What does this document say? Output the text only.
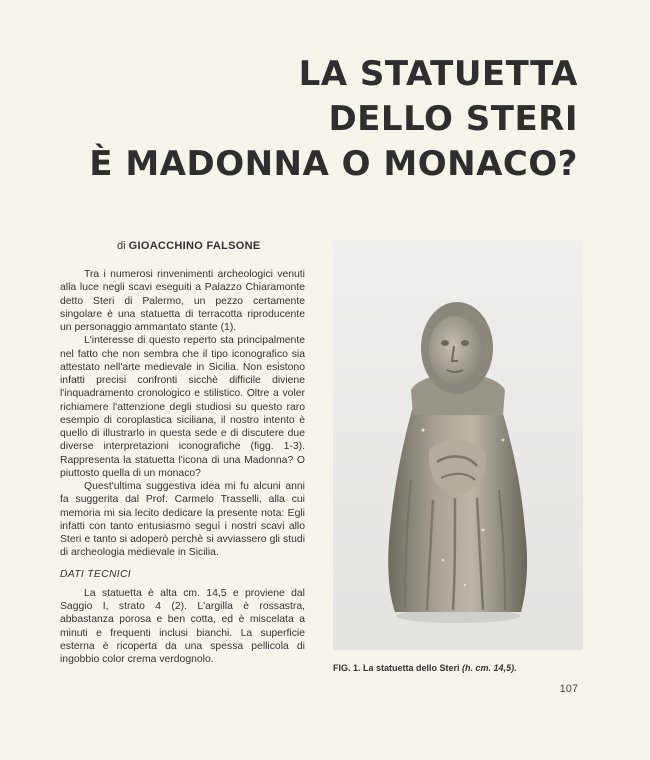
LA STATUETTA
DELLO STERI
È MADONNA O MONACO?
di GIOACCHINO FALSONE

Tra i numerosi rinvenimenti archeologici venuti alla luce negli scavi eseguiti a Palazzo Chiaramonte detto Steri di Palermo, un pezzo certamente singolare è una statuetta di terracotta riproducente un personaggio ammantato stante (1).

L'interesse di questo reperto sta principalmente nel fatto che non sembra che il tipo iconografico sia attestato nell'arte medievale in Sicilia. Non esistono infatti precisi confronti sicchè difficile diviene l'inquadramento cronologico e stilistico. Oltre a voler richiamere l'attenzione degli studiosi su questo raro esempio di coroplastica siciliana, il nostro intento è quello di illustrarlo in questa sede e di discutere due diverse interpretazioni iconografiche (figg. 1-3). Rappresenta la statuetta l'icona di una Madonna? O piuttosto quella di un monaco?

Quest'ultima suggestiva idea mi fu alcuni anni fa suggerita dal Prof. Carmelo Trasselli, alla cui memoria mi sia lecito dedicare la presente nota: Egli infatti con tanto entusiasmo seguì i nostri scavi allo Steri e tanto si adoperò perchè si avviassero gli studi di archeologia medievale in Sicilia.

DATI TECNICI

La statuetta è alta cm. 14,5 e proviene dal Saggio I, strato 4 (2). L'argilla è rossastra, abbastanza porosa e ben cotta, ed è miscelata a minuti e frequenti inclusi bianchi. La superficie esterna è ricoperta da una spessa pellicola di ingobbio color crema verdognolo.

FIG. 1. La statuetta dello Steri (h. cm. 14,5).
107
